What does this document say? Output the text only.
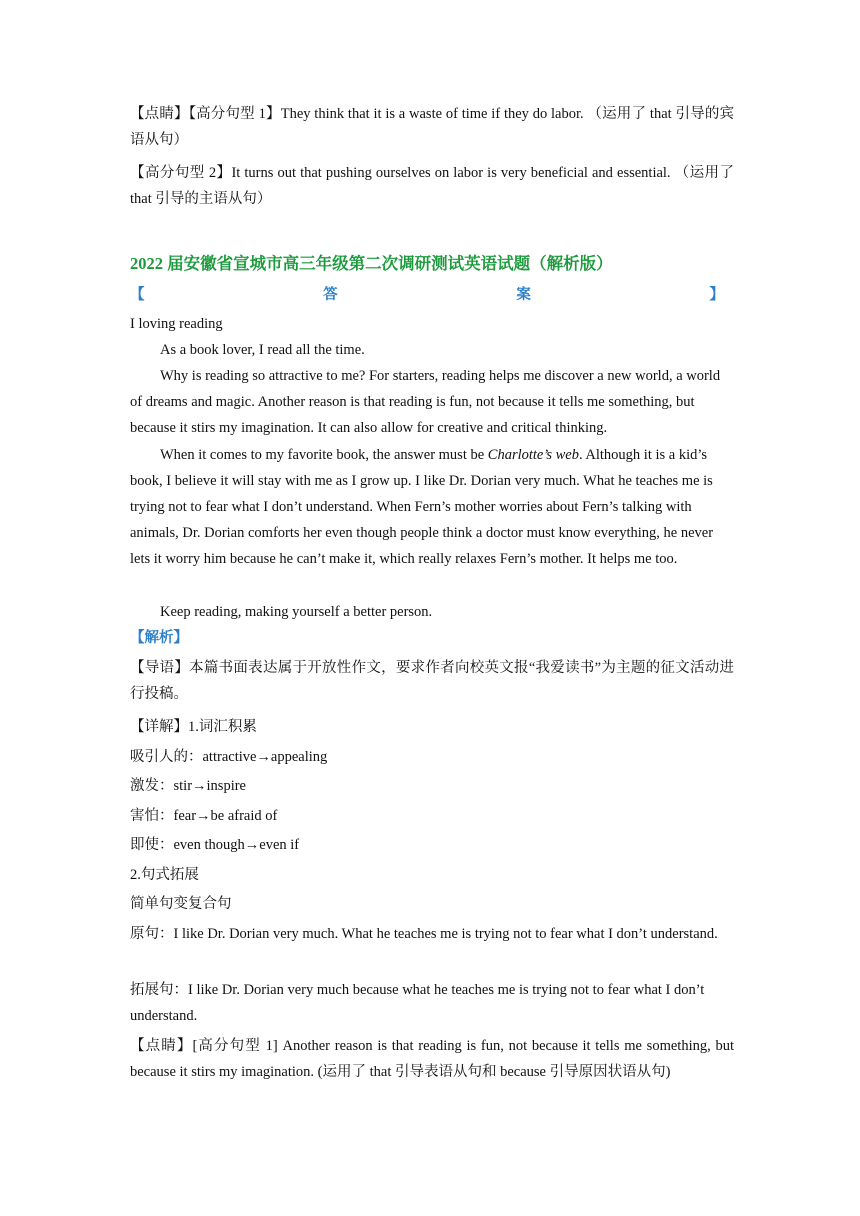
【点睛】【高分句型 1】They think that it is a waste of time if they do labor. （运用了 that 引导的宾语从句）

【高分句型 2】It turns out that pushing ourselves on labor is very beneficial and essential. （运用了 that 引导的主语从句）

2022 届安徽省宣城市高三年级第二次调研测试英语试题（解析版）
【	答	案	】

I loving reading

As a book lover, I read all the time.

Why is reading so attractive to me? For starters, reading helps me discover a new world, a world of dreams and magic. Another reason is that reading is fun, not because it tells me something, but because it stirs my imagination. It can also allow for creative and critical thinking.

When it comes to my favorite book, the answer must be Charlotte’s web. Although it is a kid’s book, I believe it will stay with me as I grow up. I like Dr. Dorian very much. What he teaches me is trying not to fear what I don’t understand. When Fern’s mother worries about Fern’s talking with animals, Dr. Dorian comforts her even though people think a doctor must know everything, he never lets it worry him because he can’t make it, which really relaxes Fern’s mother. It helps me too.

Keep reading, making yourself a better person.

【解析】

【导语】本篇书面表达属于开放性作文，要求作者向校英文报“我爱读书”为主题的征文活动进行投稿。

【详解】1.词汇积累

吸引人的：attractive→appealing

激发：stir→inspire

害怕：fear→be afraid of

即使：even though→even if

2.句式拓展

简单句变复合句

原句：I like Dr. Dorian very much. What he teaches me is trying not to fear what I don’t understand.

拓展句：I like Dr. Dorian very much because what he teaches me is trying not to fear what I don’t understand.

【点睛】[高分句型 1] Another reason is that reading is fun, not because it tells me something, but because it stirs my imagination. (运用了 that 引导表语从句和 because 引导原因状语从句)
